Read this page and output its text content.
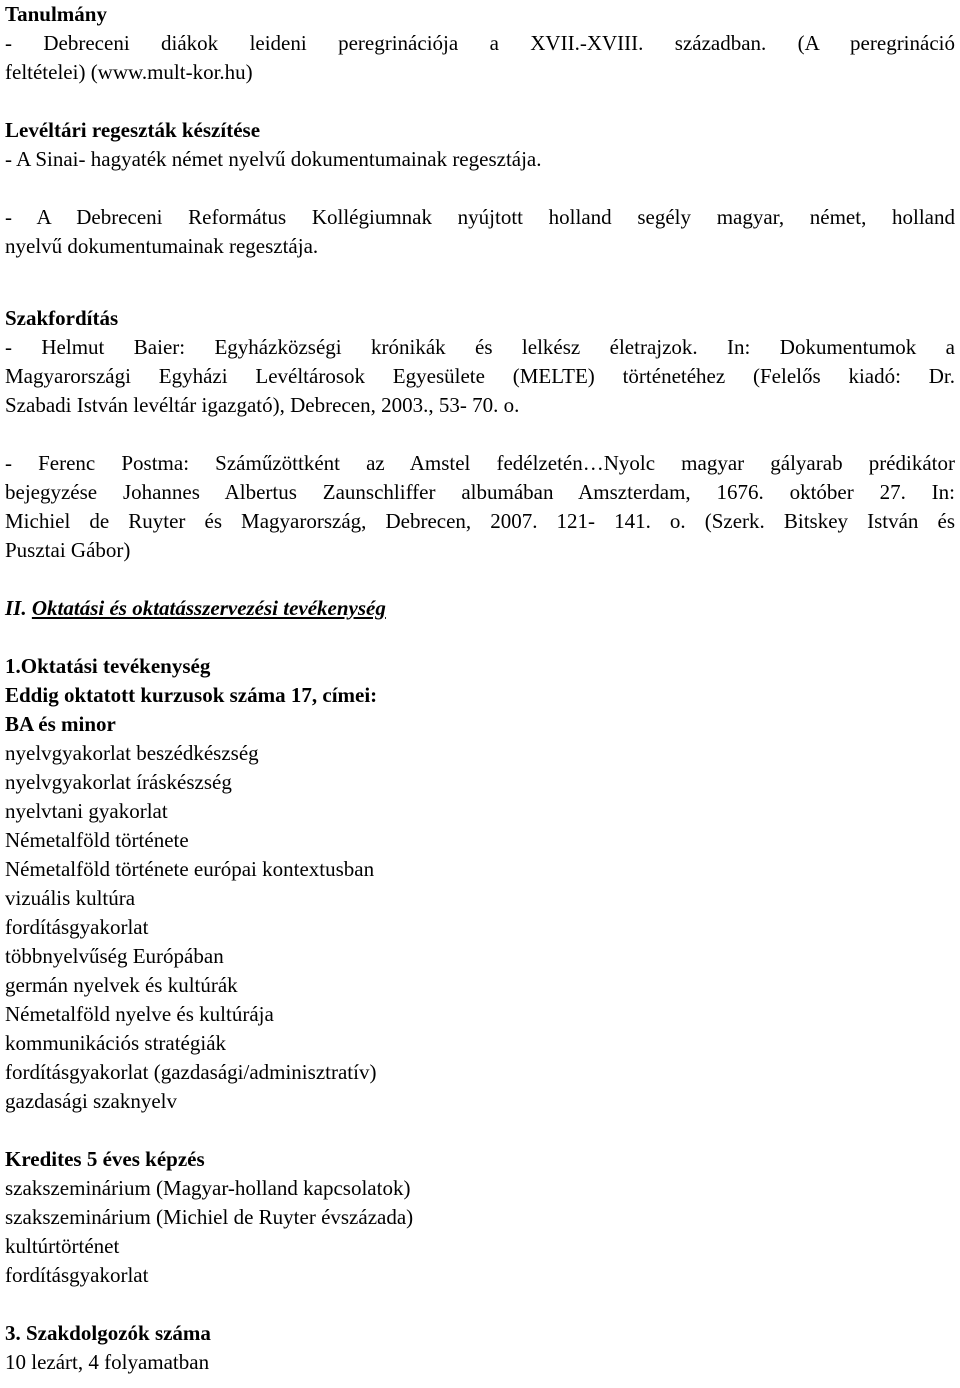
Tanulmány
- Debreceni diákok leideni peregrinációja a XVII.-XVIII. században. (A peregrináció
feltételei) (www.mult-kor.hu)
Levéltári regeszták készítése
- A Sinai- hagyaték német nyelvű dokumentumainak regesztája.
- A Debreceni Református Kollégiumnak nyújtott holland segély magyar, német, holland
nyelvű dokumentumainak regesztája.
Szakfordítás
- Helmut Baier: Egyházközségi krónikák és lelkész életrajzok. In: Dokumentumok a
Magyarországi Egyházi Levéltárosok Egyesülete (MELTE) történetéhez (Felelős kiadó: Dr.
Szabadi István levéltár igazgató), Debrecen, 2003., 53- 70. o.
- Ferenc Postma: Száműzöttként az Amstel fedélzetén…Nyolc magyar gályarab prédikátor
bejegyzése Johannes Albertus Zaunschliffer albumában Amszterdam, 1676. október 27. In:
Michiel de Ruyter és Magyarország, Debrecen, 2007. 121- 141. o. (Szerk. Bitskey István és
Pusztai Gábor)
II. Oktatási és oktatásszervezési tevékenység
1.Oktatási tevékenység
Eddig oktatott kurzusok száma 17, címei:
BA és minor
nyelvgyakorlat beszédkészség
nyelvgyakorlat íráskészség
nyelvtani gyakorlat
Németalföld története
Németalföld története európai kontextusban
vizuális kultúra
fordításgyakorlat
többnyelvűség Európában
germán nyelvek és kultúrák
Németalföld nyelve és kultúrája
kommunikációs stratégiák
fordításgyakorlat (gazdasági/adminisztratív)
gazdasági szaknyelv
Kredites 5 éves képzés
szakszeminárium (Magyar-holland kapcsolatok)
szakszeminárium (Michiel de Ruyter évszázada)
kultúrtörténet
fordításgyakorlat
3. Szakdolgozók száma
10 lezárt, 4 folyamatban
